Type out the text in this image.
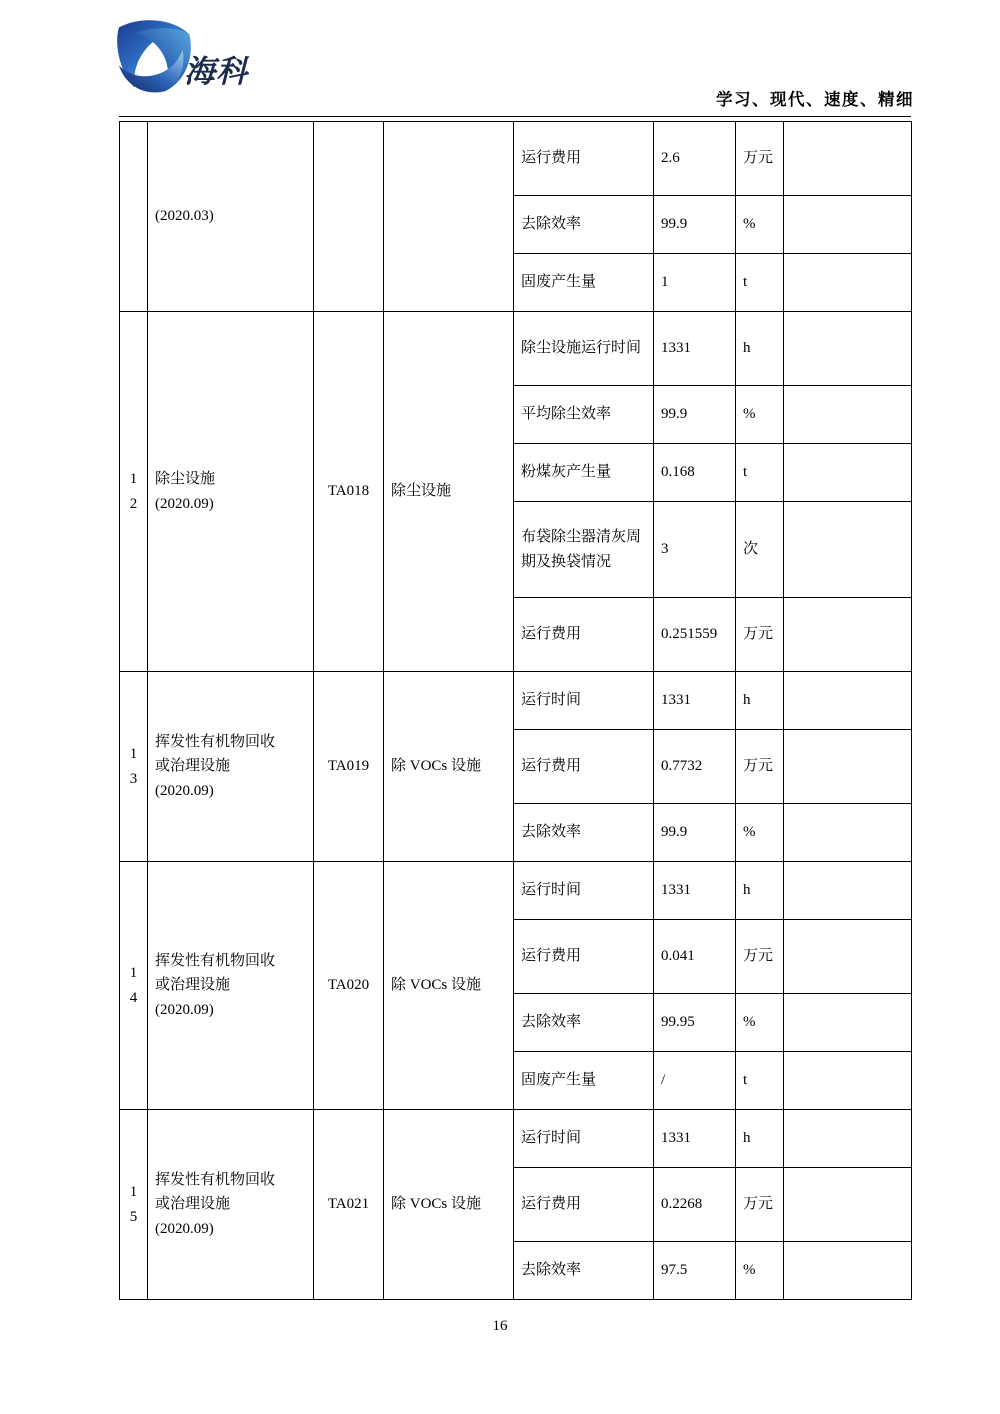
海科
学习、现代、速度、精细
	(2020.03)			运行费用	2.6	万元	
				去除效率	99.9	%	
				固废产生量	1	t	
12	除尘设施
(2020.09)	TA018	除尘设施	除尘设施运行时间	1331	h	
				平均除尘效率	99.9	%	
				粉煤灰产生量	0.168	t	
				布袋除尘器清灰周期及换袋情况	3	次	
				运行费用	0.251559	万元	
13	挥发性有机物回收
或治理设施
(2020.09)	TA019	除 VOCs 设施	运行时间	1331	h	
				运行费用	0.7732	万元	
				去除效率	99.9	%	
14	挥发性有机物回收
或治理设施
(2020.09)	TA020	除 VOCs 设施	运行时间	1331	h	
				运行费用	0.041	万元	
				去除效率	99.95	%	
				固废产生量	/	t	
15	挥发性有机物回收
或治理设施
(2020.09)	TA021	除 VOCs 设施	运行时间	1331	h	
				运行费用	0.2268	万元	
				去除效率	97.5	%	
16
